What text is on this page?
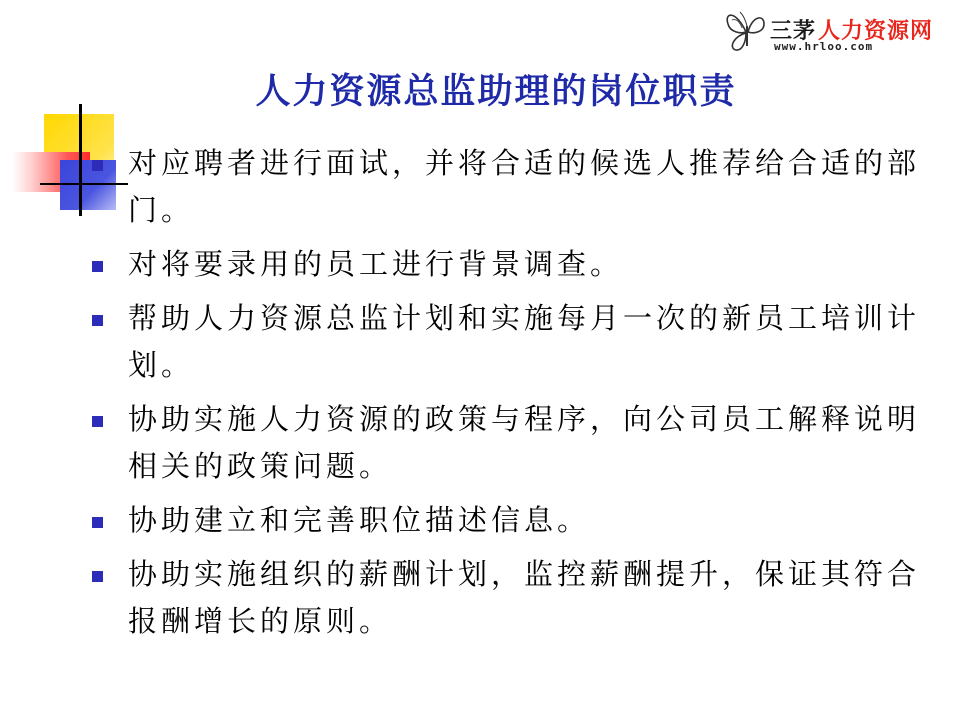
三茅 人力资源网
www.hrloo.com
人力资源总监助理的岗位职责
对应聘者进行面试，并将合适的候选人推荐给合适的部门。
对将要录用的员工进行背景调查。
帮助人力资源总监计划和实施每月一次的新员工培训计划。
协助实施人力资源的政策与程序，向公司员工解释说明相关的政策问题。
协助建立和完善职位描述信息。
协助实施组织的薪酬计划，监控薪酬提升，保证其符合报酬增长的原则。
